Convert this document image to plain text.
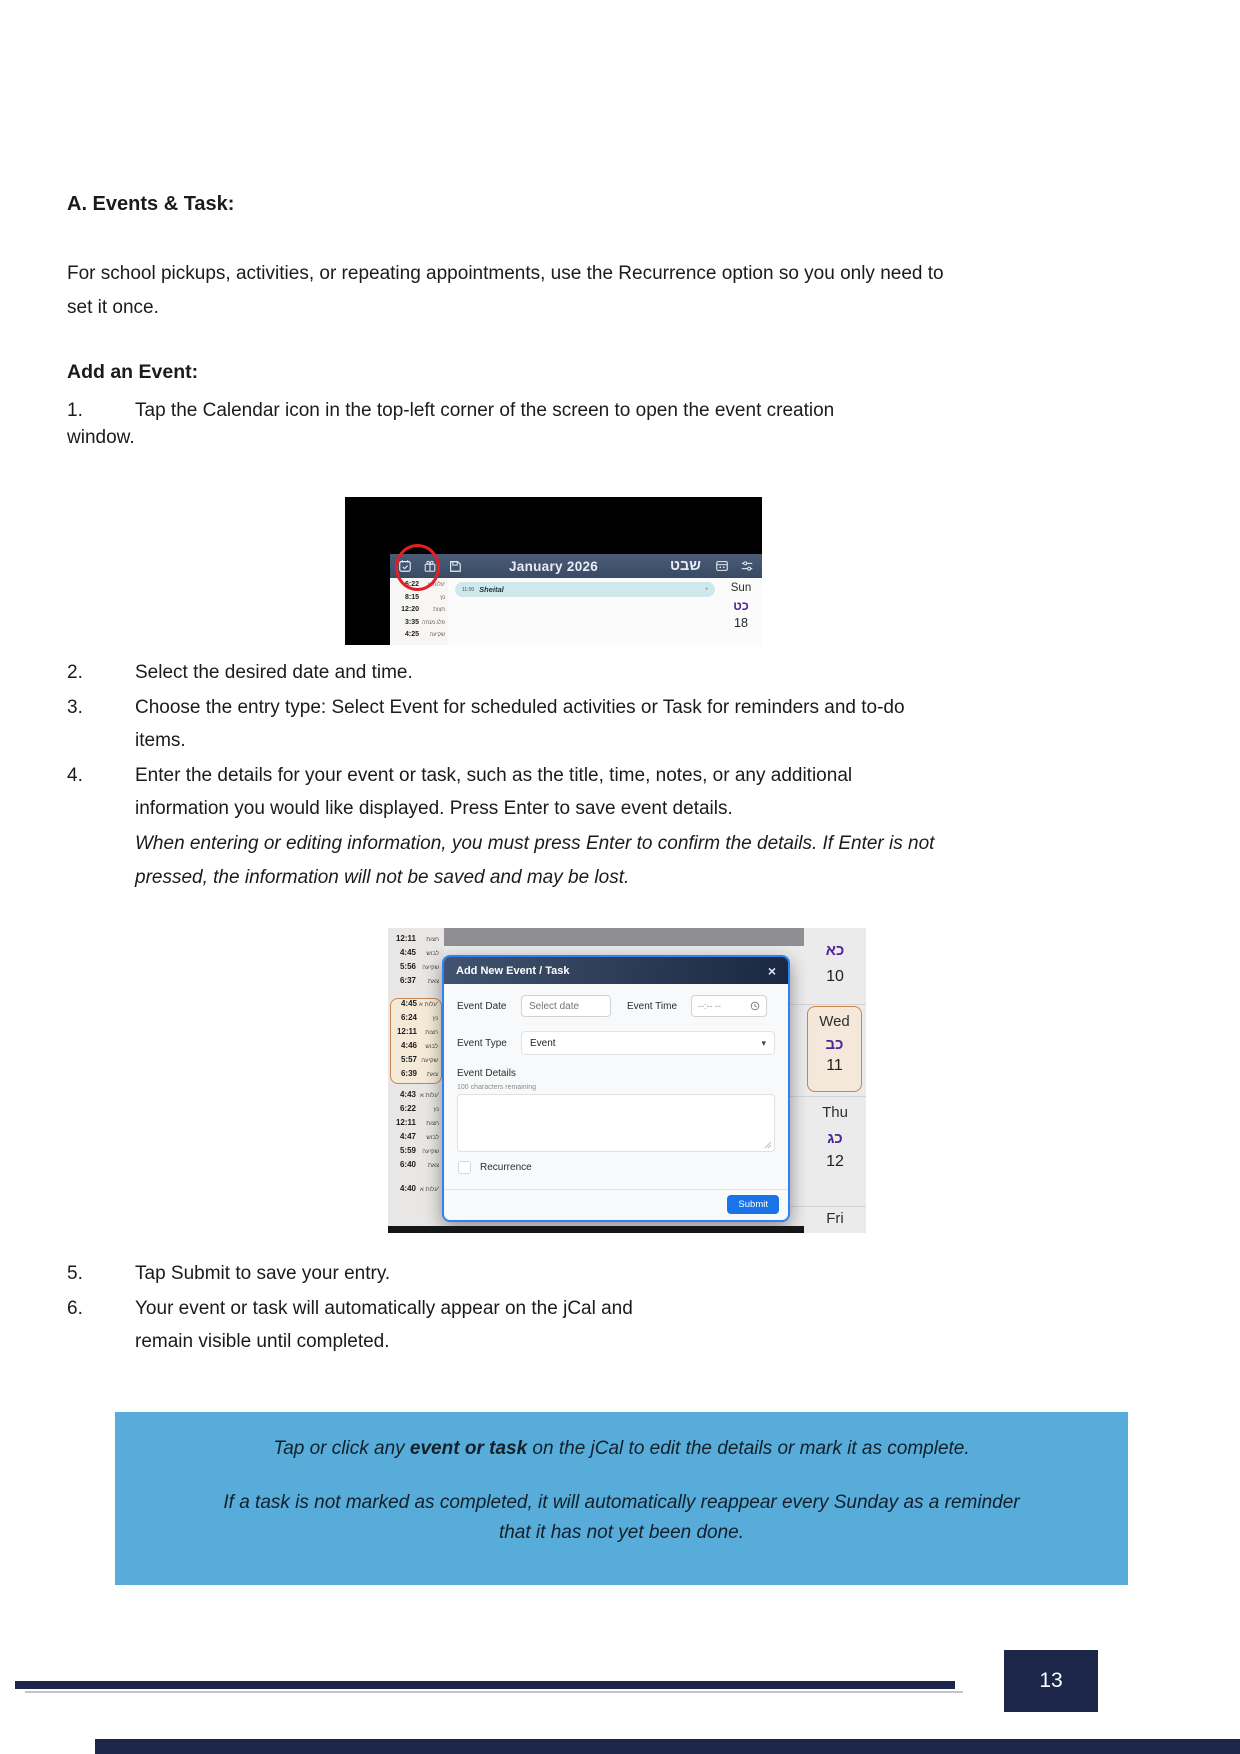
A. Events & Task:
For school pickups, activities, or repeating appointments, use the Recurrence option so you only need to set it once.
Add an Event:
1.	Tap the Calendar icon in the top-left corner of the screen to open the event creation
window.
January 2026	שבט
6:22	עלות א'
8:15	נץ
12:20	חצות
3:35 פלג מנחה
4:25	שקיעה
11:00 Sheital	•	Sun
כט
18
2.	Select the desired date and time.
3.	Choose the entry type: Select Event for scheduled activities or Task for reminders and to-do items.
4.	Enter the details for your event or task, such as the title, time, notes, or any additional information you would like displayed. Press Enter to save event details.
When entering or editing information, you must press Enter to confirm the details. If Enter is not pressed, the information will not be saved and may be lost.
12:11	חצות
4:45	לבוש
5:56	שקיעה
6:37	צאת
4:45 עלות א'
6:24	נץ
12:11	חצות
4:46	לבוש
5:57 שקיעה
6:39	צאת
4:43 עלות א'
6:22	נץ
12:11	חצות
4:47	לבוש
5:59	שקיעה
6:40	צאת
4:40 עלות א'
כא
10
Wed
כב
11
Thu
כג
12
Fri
Add New Event / Task	×
Event Date
Select date	Event Time	--:-- --
Event Type	Event	▾
Event Details
100 characters remaining
Recurrence
Submit
5.	Tap Submit to save your entry.
6.	Your event or task will automatically appear on the jCal and
remain visible until completed.
Tap or click any event or task on the jCal to edit the details or mark it as complete.
If a task is not marked as completed, it will automatically reappear every Sunday as a reminder that it has not yet been done.
13
